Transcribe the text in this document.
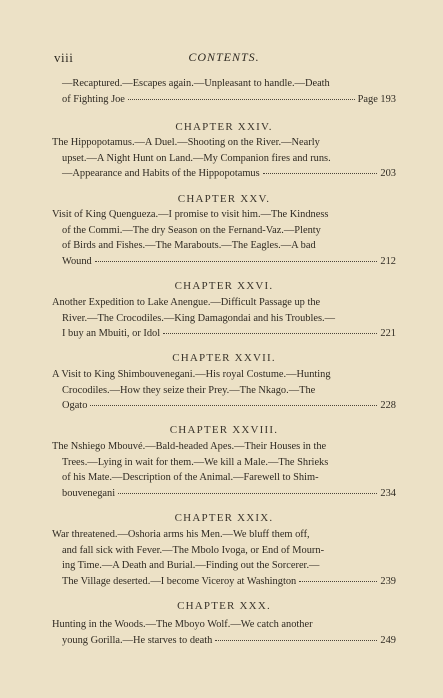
viii	CONTENTS.
—Recaptured.—Escapes again.—Unpleasant to handle.—Death
of Fighting Joe	Page 193
CHAPTER XXIV.
The Hippopotamus.—A Duel.—Shooting on the River.—Nearly
upset.—A Night Hunt on Land.—My Companion fires and runs.
—Appearance and Habits of the Hippopotamus	203
CHAPTER XXV.
Visit of King Quengueza.—I promise to visit him.—The Kindness
of the Commi.—The dry Season on the Fernand-Vaz.—Plenty
of Birds and Fishes.—The Marabouts.—The Eagles.—A bad
Wound	212
CHAPTER XXVI.
Another Expedition to Lake Anengue.—Difficult Passage up the
River.—The Crocodiles.—King Damagondai and his Troubles.—
I buy an Mbuiti, or Idol	221
CHAPTER XXVII.
A Visit to King Shimbouvenegani.—His royal Costume.—Hunting
Crocodiles.—How they seize their Prey.—The Nkago.—The
Ogato	228
CHAPTER XXVIII.
The Nshiego Mbouvé.—Bald-headed Apes.—Their Houses in the
Trees.—Lying in wait for them.—We kill a Male.—The Shrieks
of his Mate.—Description of the Animal.—Farewell to Shim-
bouvenegani	234
CHAPTER XXIX.
War threatened.—Oshoria arms his Men.—We bluff them off,
and fall sick with Fever.—The Mbolo Ivoga, or End of Mourn-
ing Time.—A Death and Burial.—Finding out the Sorcerer.—
The Village deserted.—I become Viceroy at Washington	239
CHAPTER XXX.
Hunting in the Woods.—The Mboyo Wolf.—We catch another
young Gorilla.—He starves to death	249
